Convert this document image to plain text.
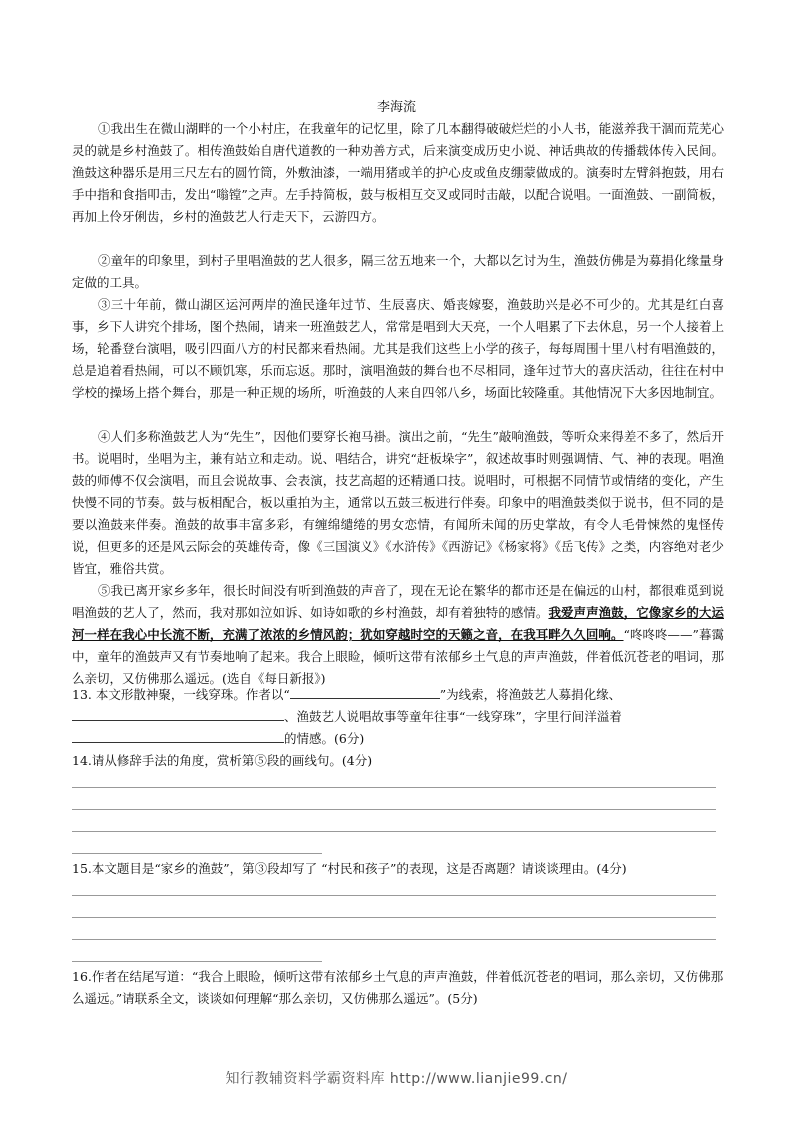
李海流

①我出生在微山湖畔的一个小村庄，在我童年的记忆里，除了几本翻得破破烂烂的小人书，能滋养我干涸而荒芜心灵的就是乡村渔鼓了。相传渔鼓始自唐代道教的一种劝善方式，后来演变成历史小说、神话典故的传播载体传入民间。渔鼓这种器乐是用三尺左右的圆竹筒，外敷油漆，一端用猪或羊的护心皮或鱼皮绷蒙做成的。演奏时左臂斜抱鼓，用右手中指和食指叩击，发出“嗡镗”之声。左手持简板，鼓与板相互交叉或同时击敲，以配合说唱。一面渔鼓、一副简板，再加上伶牙俐齿，乡村的渔鼓艺人行走天下，云游四方。

②童年的印象里，到村子里唱渔鼓的艺人很多，隔三岔五地来一个，大都以乞讨为生，渔鼓仿佛是为募捐化缘量身定做的工具。

③三十年前，微山湖区运河两岸的渔民逢年过节、生辰喜庆、婚丧嫁娶，渔鼓助兴是必不可少的。尤其是红白喜事，乡下人讲究个排场，图个热闹，请来一班渔鼓艺人，常常是唱到大天亮，一个人唱累了下去休息，另一个人接着上场，轮番登台演唱，吸引四面八方的村民都来看热闹。尤其是我们这些上小学的孩子，每每周围十里八村有唱渔鼓的，总是追着看热闹，可以不顾饥寒，乐而忘返。那时，演唱渔鼓的舞台也不尽相同，逢年过节大的喜庆活动，往往在村中学校的操场上搭个舞台，那是一种正规的场所，听渔鼓的人来自四邻八乡，场面比较隆重。其他情况下大多因地制宜。

④人们多称渔鼓艺人为“先生”，因他们要穿长袍马褂。演出之前，“先生”敲响渔鼓，等听众来得差不多了，然后开书。说唱时，坐唱为主，兼有站立和走动。说、唱结合，讲究“赶板垛字”，叙述故事时则强调情、气、神的表现。唱渔鼓的师傅不仅会演唱，而且会说故事、会表演，技艺高超的还精通口技。说唱时，可根据不同情节或情绪的变化，产生快慢不同的节奏。鼓与板相配合，板以重拍为主，通常以五鼓三板进行伴奏。印象中的唱渔鼓类似于说书，但不同的是要以渔鼓来伴奏。渔鼓的故事丰富多彩，有缠绵缱绻的男女恋情，有闻所未闻的历史掌故，有令人毛骨悚然的鬼怪传说，但更多的还是风云际会的英雄传奇，像《三国演义》《水浒传》《西游记》《杨家将》《岳飞传》之类，内容绝对老少皆宜，雅俗共赏。

⑤我已离开家乡多年，很长时间没有听到渔鼓的声音了，现在无论在繁华的都市还是在偏远的山村，都很难觅到说唱渔鼓的艺人了，然而，我对那如泣如诉、如诗如歌的乡村渔鼓，却有着独特的感情。我爱声声渔鼓，它像家乡的大运河一样在我心中长流不断，充满了浓浓的乡情风韵；犹如穿越时空的天籁之音，在我耳畔久久回响。“咚咚咚——”暮霭中，童年的渔鼓声又有节奏地响了起来。我合上眼睑，倾听这带有浓郁乡土气息的声声渔鼓，伴着低沉苍老的唱词，那么亲切，又仿佛那么遥远。(选自《每日新报》)

13. 本文形散神聚，一线穿珠。作者以“	”为线索，将渔鼓艺人募捐化缘、
、渔鼓艺人说唱故事等童年往事“一线穿珠”，字里行间洋溢着
的情感。(6分)

14.请从修辞手法的角度，赏析第⑤段的画线句。(4分)

15.本文题目是“家乡的渔鼓”，第③段却写了 “村民和孩子”的表现，这是否离题？请谈谈理由。(4分)

16.作者在结尾写道：“我合上眼睑，倾听这带有浓郁乡土气息的声声渔鼓，伴着低沉苍老的唱词，那么亲切，又仿佛那么遥远。”请联系全文，谈谈如何理解“那么亲切，又仿佛那么遥远”。(5分)

知行教辅资料学霸资料库 http://www.lianjie99.cn/
